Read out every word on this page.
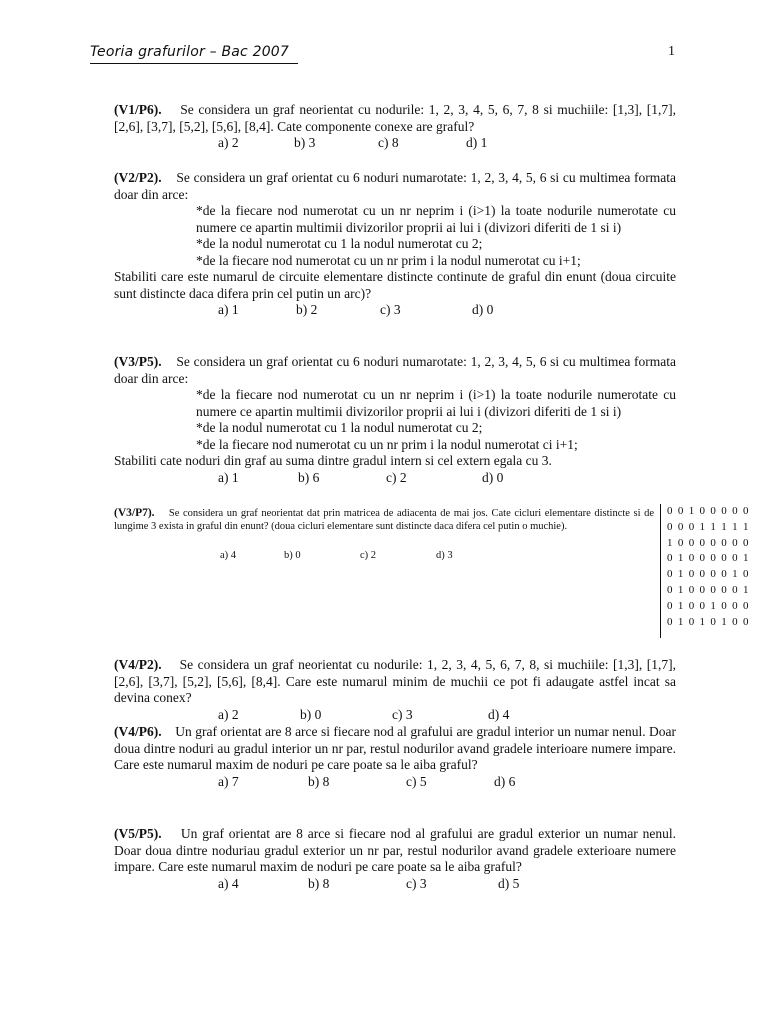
Teoria grafurilor – Bac 2007	1

(V1/P6). Se considera un graf neorientat cu nodurile: 1, 2, 3, 4, 5, 6, 7, 8 si muchiile: [1,3], [1,7], [2,6], [3,7], [5,2], [5,6], [8,4]. Cate componente conexe are graful?

a) 2	b) 3	c) 8	d) 1

(V2/P2). Se considera un graf orientat cu 6 noduri numarotate: 1, 2, 3, 4, 5, 6 si cu multimea formata doar din arce:

*de la fiecare nod numerotat cu un nr neprim i (i>1) la toate nodurile numerotate cu numere ce apartin multimii divizorilor proprii ai lui i (divizori diferiti de 1 si i)

*de la nodul numerotat cu 1 la nodul numerotat cu 2;

*de la fiecare nod numerotat cu un nr prim i la nodul numerotat cu i+1;

Stabiliti care este numarul de circuite elementare distincte continute de graful din enunt (doua circuite sunt distincte daca difera prin cel putin un arc)?

a) 1	b) 2	c) 3	d) 0

(V3/P5). Se considera un graf orientat cu 6 noduri numarotate: 1, 2, 3, 4, 5, 6 si cu multimea formata doar din arce:

*de la fiecare nod numerotat cu un nr neprim i (i>1) la toate nodurile numerotate cu numere ce apartin multimii divizorilor proprii ai lui i (divizori diferiti de 1 si i)

*de la nodul numerotat cu 1 la nodul numerotat cu 2;

*de la fiecare nod numerotat cu un nr prim i la nodul numerotat ci i+1;

Stabiliti cate noduri din graf au suma dintre gradul intern si cel extern egala cu 3.

a) 1	b) 6	c) 2	d) 0

(V3/P7). Se considera un graf neorientat dat prin matricea de adiacenta de mai jos. Cate cicluri elementare distincte si de lungime 3 exista in graful din enunt? (doua cicluri elementare sunt distincte daca difera cel putin o muchie).

a) 4	b) 0	c) 2	d) 3
0 0 1 0 0 0 0 0
0 0 0 1 1 1 1 1
1 0 0 0 0 0 0 0
0 1 0 0 0 0 0 1
0 1 0 0 0 0 1 0
0 1 0 0 0 0 0 1
0 1 0 0 1 0 0 0
0 1 0 1 0 1 0 0

(V4/P2). Se considera un graf neorientat cu nodurile: 1, 2, 3, 4, 5, 6, 7, 8, si muchiile: [1,3], [1,7], [2,6], [3,7], [5,2], [5,6], [8,4]. Care este numarul minim de muchii ce pot fi adaugate astfel incat sa devina conex?

a) 2	b) 0	c) 3	d) 4

(V4/P6). Un graf orientat are 8 arce si fiecare nod al grafului are gradul interior un numar nenul. Doar doua dintre noduri au gradul interior un nr par, restul nodurilor avand gradele interioare numere impare. Care este numarul maxim de noduri pe care poate sa le aiba graful?

a) 7	b) 8	c) 5	d) 6

(V5/P5). Un graf orientat are 8 arce si fiecare nod al grafului are gradul exterior un numar nenul. Doar doua dintre noduriau gradul exterior un nr par, restul nodurilor avand gradele exterioare numere impare. Care este numarul maxim de noduri pe care poate sa le aiba graful?

a) 4	b) 8	c) 3	d) 5
